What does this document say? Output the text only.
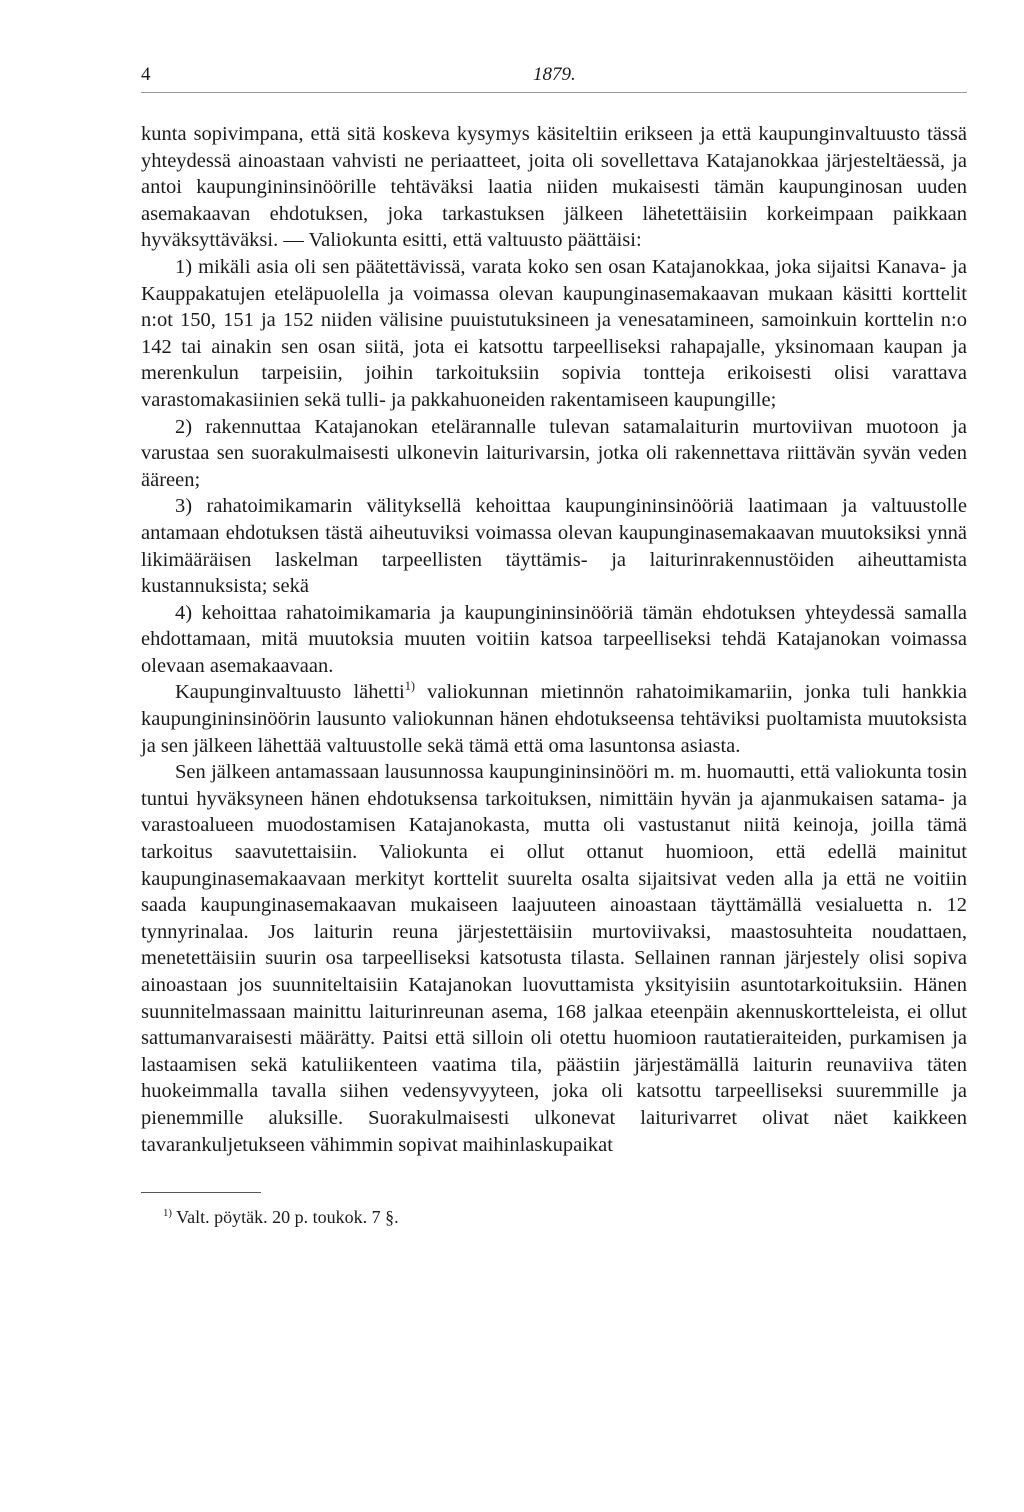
4	1879.

kunta sopivimpana, että sitä koskeva kysymys käsiteltiin erikseen ja että kaupunginvaltuusto tässä yhteydessä ainoastaan vahvisti ne periaatteet, joita oli sovellettava Katajanokkaa järjesteltäessä, ja antoi kaupungininsinöörille tehtäväksi laatia niiden mukaisesti tämän kaupunginosan uuden asemakaavan ehdotuksen, joka tarkastuksen jälkeen lähetettäisiin korkeimpaan paikkaan hyväksyttäväksi. — Valiokunta esitti, että valtuusto päättäisi:

1) mikäli asia oli sen päätettävissä, varata koko sen osan Katajanokkaa, joka sijaitsi Kanava- ja Kauppakatujen eteläpuolella ja voimassa olevan kaupunginasemakaavan mukaan käsitti korttelit n:ot 150, 151 ja 152 niiden välisine puuistutuksineen ja venesatamineen, samoinkuin korttelin n:o 142 tai ainakin sen osan siitä, jota ei katsottu tarpeelliseksi rahapajalle, yksinomaan kaupan ja merenkulun tarpeisiin, joihin tarkoituksiin sopivia tontteja erikoisesti olisi varattava varastomakasiinien sekä tulli- ja pakkahuoneiden rakentamiseen kaupungille;

2) rakennuttaa Katajanokan etelärannalle tulevan satamalaiturin murtoviivan muotoon ja varustaa sen suorakulmaisesti ulkonevin laiturivarsin, jotka oli rakennettava riittävän syvän veden ääreen;

3) rahatoimikamarin välityksellä kehoittaa kaupungininsinööriä laatimaan ja valtuustolle antamaan ehdotuksen tästä aiheutuviksi voimassa olevan kaupunginasemakaavan muutoksiksi ynnä likimääräisen laskelman tarpeellisten täyttämis- ja laiturinrakennustöiden aiheuttamista kustannuksista; sekä

4) kehoittaa rahatoimikamaria ja kaupungininsinööriä tämän ehdotuksen yhteydessä samalla ehdottamaan, mitä muutoksia muuten voitiin katsoa tarpeelliseksi tehdä Katajanokan voimassa olevaan asemakaavaan.

Kaupunginvaltuusto lähetti$^{1)}$ valiokunnan mietinnön rahatoimikamariin, jonka tuli hankkia kaupungininsinöörin lausunto valiokunnan hänen ehdotukseensa tehtäviksi puoltamista muutoksista ja sen jälkeen lähettää valtuustolle sekä tämä että oma lasuntonsa asiasta.

Sen jälkeen antamassaan lausunnossa kaupungininsinööri m. m. huomautti, että valiokunta tosin tuntui hyväksyneen hänen ehdotuksensa tarkoituksen, nimittäin hyvän ja ajanmukaisen satama- ja varastoalueen muodostamisen Katajanokasta, mutta oli vastustanut niitä keinoja, joilla tämä tarkoitus saavutettaisiin. Valiokunta ei ollut ottanut huomioon, että edellä mainitut kaupunginasemakaavaan merkityt korttelit suurelta osalta sijaitsivat veden alla ja että ne voitiin saada kaupunginasemakaavan mukaiseen laajuuteen ainoastaan täyttämällä vesialuetta n. 12 tynnyrinalaa. Jos laiturin reuna järjestettäisiin murtoviivaksi, maastosuhteita noudattaen, menetettäisiin suurin osa tarpeelliseksi katsotusta tilasta. Sellainen rannan järjestely olisi sopiva ainoastaan jos suunniteltaisiin Katajanokan luovuttamista yksityisiin asuntotarkoituksiin. Hänen suunnitelmassaan mainittu laiturinreunan asema, 168 jalkaa eteenpäin akennuskortteleista, ei ollut sattumanvaraisesti määrätty. Paitsi että silloin oli otettu huomioon rautatieraiteiden, purkamisen ja lastaamisen sekä katuliikenteen vaatima tila, päästiin järjestämällä laiturin reunaviiva täten huokeimmalla tavalla siihen vedensyvyyteen, joka oli katsottu tarpeelliseksi suuremmille ja pienemmille aluksille. Suorakulmaisesti ulkonevat laiturivarret olivat näet kaikkeen tavarankuljetukseen vähimmin sopivat maihinlaskupaikat

$^{1)}$ Valt. pöytäk. 20 p. toukok. 7 §.
